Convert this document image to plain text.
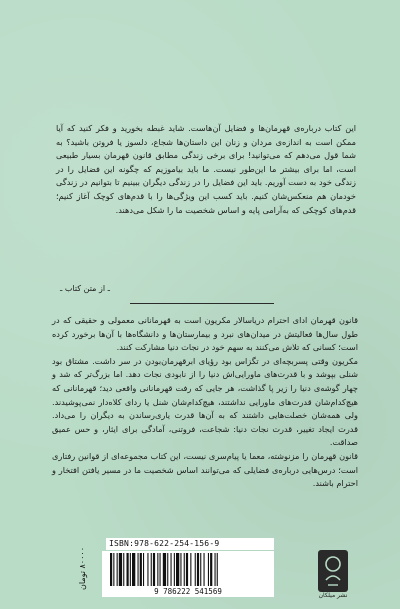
این کتاب درباره‌ی قهرمان‌ها و فضایل آن‌هاست. شاید غبطه بخورید و فکر کنید که آیا ممکن است به اندازه‌ی مردان و زنان این داستان‌ها شجاع، دلسوز یا فروتن باشید؟ به شما قول می‌دهم که می‌توانید! برای برخی زندگی مطابق قانون قهرمان بسیار طبیعی است، اما برای بیشتر ما این‌طور نیست. ما باید بیاموزیم که چگونه این فضایل را در زندگی خود به دست آوریم. باید این فضایل را در زندگی دیگران ببینیم تا بتوانیم در زندگی خودمان هم منعکس‌شان کنیم. باید کسب این ویژگی‌ها را با قدم‌های کوچک آغاز کنیم؛ قدم‌های کوچکی که به‌آرامی پایه و اساس شخصیت ما را شکل می‌دهند.

ـ از متن کتاب ـ

قانون قهرمان ادای احترام دریاسالار مکریون است به قهرمانانی معمولی و حقیقی که در طول سال‌ها فعالیتش در میدان‌های نبرد و بیمارستان‌ها و دانشگاه‌ها با آن‌ها برخورد کرده است؛ کسانی که تلاش می‌کنند به سهم خود در نجات دنیا مشارکت کنند.

مکریون وقتی پسربچه‌ای در تگزاس بود رؤیای ابرقهرمان‌بودن در سر داشت. مشتاق بود شنلی بپوشد و با قدرت‌های ماورایی‌اش دنیا را از نابودی نجات دهد. اما بزرگ‌تر که شد و چهار گوشه‌ی دنیا را زیر پا گذاشت، هر جایی که رفت قهرمانانی واقعی دید؛ قهرمانانی که هیچ‌کدام‌شان قدرت‌های ماورایی نداشتند، هیچ‌کدام‌شان شنل یا ردای کلاه‌دار نمی‌پوشیدند. ولی همه‌شان خصلت‌هایی داشتند که به آن‌ها قدرت یاری‌رساندن به دیگران را می‌داد. قدرت ایجاد تغییر، قدرت نجات دنیا: شجاعت، فروتنی، آمادگی برای ایثار، و حس عمیق صداقت.

قانون قهرمان را مزنوشته، معما یا پیام‌سری نیست، این کتاب مجموعه‌ای از قوانین رفتاری است؛ درس‌هایی درباره‌ی فضایلی که می‌توانند اساس شخصیت ما در مسیر یافتن افتخار و احترام باشند.

۸۰۰۰۰ تومان
ISBN:978-622-254-156-9
9 786222 541569	نشر میلکان
